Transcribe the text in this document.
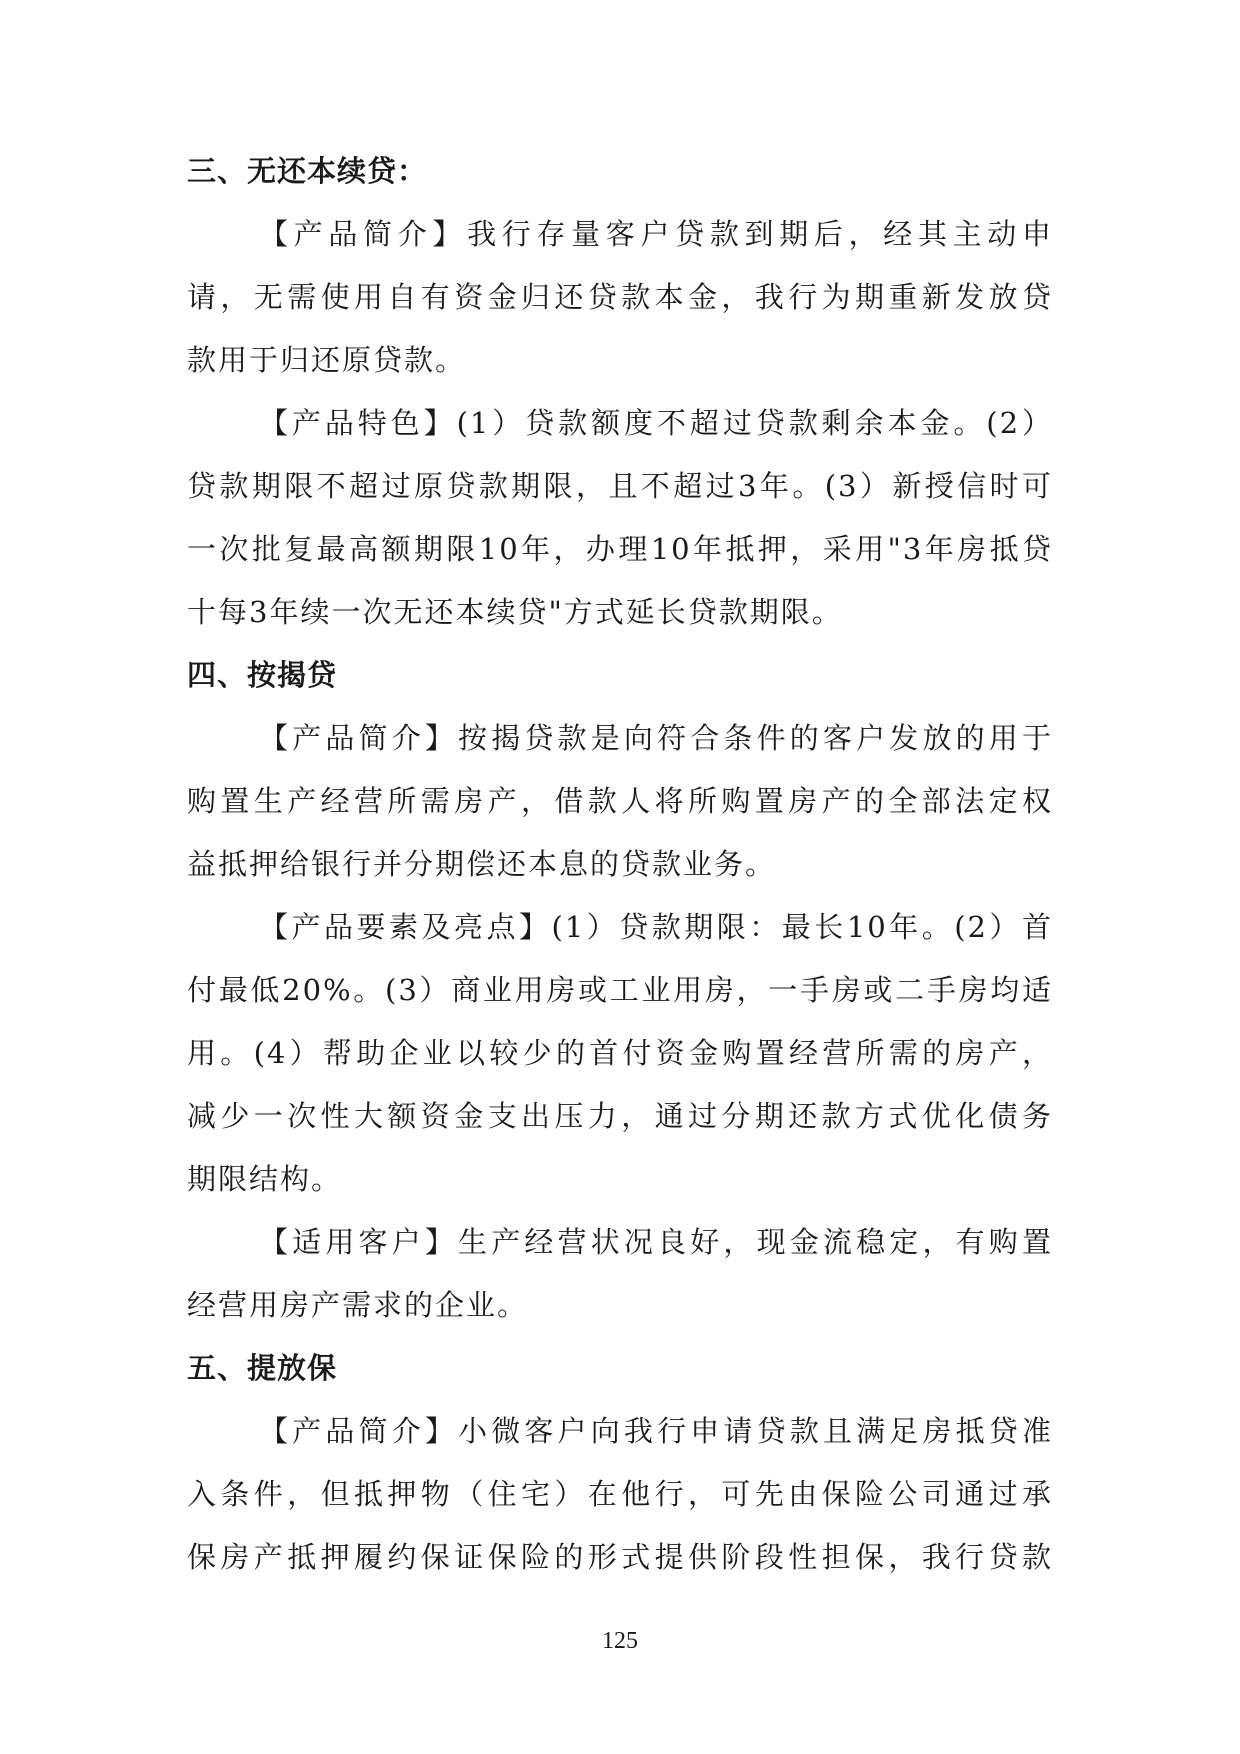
三、无还本续贷：

【产品简介】我行存量客户贷款到期后，经其主动申
请，无需使用自有资金归还贷款本金，我行为期重新发放贷
款用于归还原贷款。

【产品特色】(1）贷款额度不超过贷款剩余本金。(2）
贷款期限不超过原贷款期限，且不超过3年。(3）新授信时可
一次批复最高额期限10年，办理10年抵押，采用"3年房抵贷
十每3年续一次无还本续贷"方式延长贷款期限。

四、按揭贷

【产品简介】按揭贷款是向符合条件的客户发放的用于
购置生产经营所需房产，借款人将所购置房产的全部法定权
益抵押给银行并分期偿还本息的贷款业务。

【产品要素及亮点】(1）贷款期限：最长10年。(2）首
付最低20%。(3）商业用房或工业用房，一手房或二手房均适
用。(4）帮助企业以较少的首付资金购置经营所需的房产，
减少一次性大额资金支出压力，通过分期还款方式优化债务
期限结构。

【适用客户】生产经营状况良好，现金流稳定，有购置
经营用房产需求的企业。

五、提放保

【产品简介】小微客户向我行申请贷款且满足房抵贷准
入条件，但抵押物（住宅）在他行，可先由保险公司通过承
保房产抵押履约保证保险的形式提供阶段性担保，我行贷款

125
